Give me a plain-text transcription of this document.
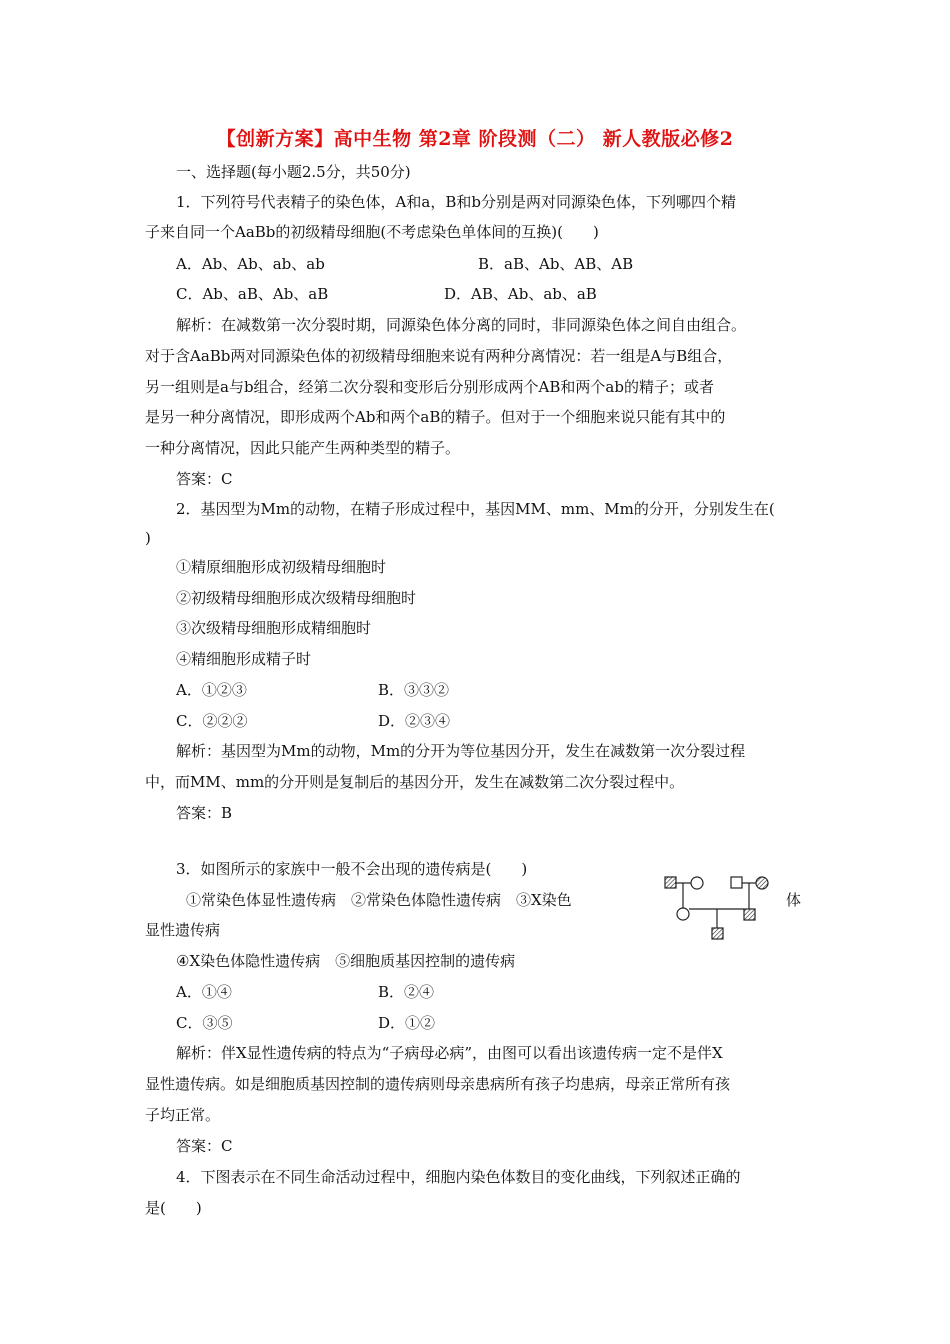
【创新方案】高中生物 第2章 阶段测（二） 新人教版必修2
一、选择题(每小题2.5分，共50分)
1．下列符号代表精子的染色体，A和a，B和b分别是两对同源染色体，下列哪四个精
子来自同一个AaBb的初级精母细胞(不考虑染色单体间的互换)(　　)
A．Ab、Ab、ab、ab	B．aB、Ab、AB、AB
C．Ab、aB、Ab、aB	D．AB、Ab、ab、aB
解析：在减数第一次分裂时期，同源染色体分离的同时，非同源染色体之间自由组合。
对于含AaBb两对同源染色体的初级精母细胞来说有两种分离情况：若一组是A与B组合，
另一组则是a与b组合，经第二次分裂和变形后分别形成两个AB和两个ab的精子；或者
是另一种分离情况，即形成两个Ab和两个aB的精子。但对于一个细胞来说只能有其中的
一种分离情况，因此只能产生两种类型的精子。
答案：C
2．基因型为Mm的动物，在精子形成过程中，基因MM、mm、Mm的分开，分别发生在(
)
①精原细胞形成初级精母细胞时
②初级精母细胞形成次级精母细胞时
③次级精母细胞形成精细胞时
④精细胞形成精子时
A．①②③	B．③③②
C．②②②	D．②③④
解析：基因型为Mm的动物，Mm的分开为等位基因分开，发生在减数第一次分裂过程
中，而MM、mm的分开则是复制后的基因分开，发生在减数第二次分裂过程中。
答案：B
3．如图所示的家族中一般不会出现的遗传病是(　　)
①常染色体显性遗传病　②常染色体隐性遗传病　③X染色	体
显性遗传病
④X染色体隐性遗传病　⑤细胞质基因控制的遗传病
A．①④	B．②④
C．③⑤	D．①②
解析：伴X显性遗传病的特点为“子病母必病”，由图可以看出该遗传病一定不是伴X
显性遗传病。如是细胞质基因控制的遗传病则母亲患病所有孩子均患病，母亲正常所有孩
子均正常。
答案：C
4．下图表示在不同生命活动过程中，细胞内染色体数目的变化曲线，下列叙述正确的
是(　　)
